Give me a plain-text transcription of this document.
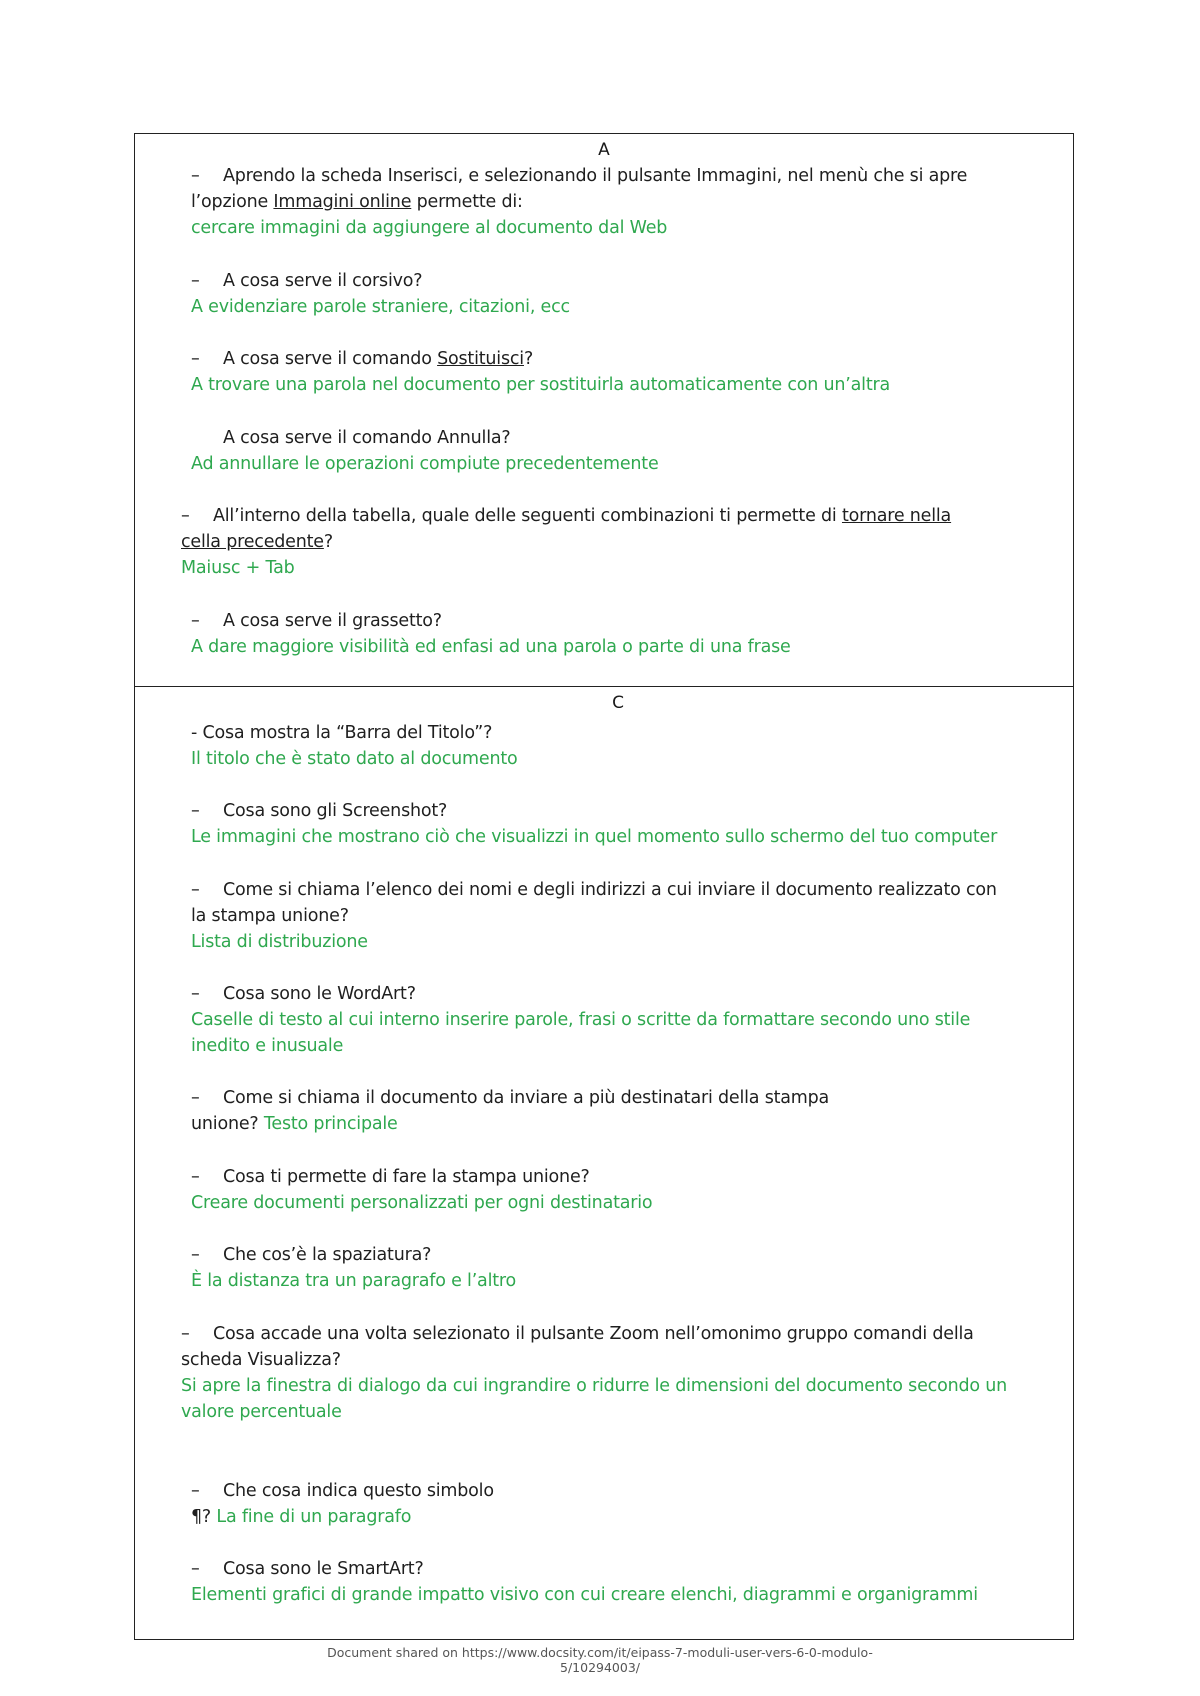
A
– Aprendo la scheda Inserisci, e selezionando il pulsante Immagini, nel menù che si apre
l’opzione Immagini online permette di:
cercare immagini da aggiungere al documento dal Web
– A cosa serve il corsivo?
A evidenziare parole straniere, citazioni, ecc
– A cosa serve il comando Sostituisci?
A trovare una parola nel documento per sostituirla automaticamente con un’altra
A cosa serve il comando Annulla?
Ad annullare le operazioni compiute precedentemente
– All’interno della tabella, quale delle seguenti combinazioni ti permette di tornare nella
cella precedente?
Maiusc + Tab
– A cosa serve il grassetto?
A dare maggiore visibilità ed enfasi ad una parola o parte di una frase
C
- Cosa mostra la “Barra del Titolo”?
Il titolo che è stato dato al documento
– Cosa sono gli Screenshot?
Le immagini che mostrano ciò che visualizzi in quel momento sullo schermo del tuo computer
– Come si chiama l’elenco dei nomi e degli indirizzi a cui inviare il documento realizzato con
la stampa unione?
Lista di distribuzione
– Cosa sono le WordArt?
Caselle di testo al cui interno inserire parole, frasi o scritte da formattare secondo uno stile
inedito e inusuale
– Come si chiama il documento da inviare a più destinatari della stampa
unione? Testo principale
– Cosa ti permette di fare la stampa unione?
Creare documenti personalizzati per ogni destinatario
– Che cos’è la spaziatura?
È la distanza tra un paragrafo e l’altro
– Cosa accade una volta selezionato il pulsante Zoom nell’omonimo gruppo comandi della
scheda Visualizza?
Si apre la finestra di dialogo da cui ingrandire o ridurre le dimensioni del documento secondo un
valore percentuale
– Che cosa indica questo simbolo
¶? La fine di un paragrafo
– Cosa sono le SmartArt?
Elementi grafici di grande impatto visivo con cui creare elenchi, diagrammi e organigrammi
Document shared on https://www.docsity.com/it/eipass-7-moduli-user-vers-6-0-modulo-
5/10294003/
